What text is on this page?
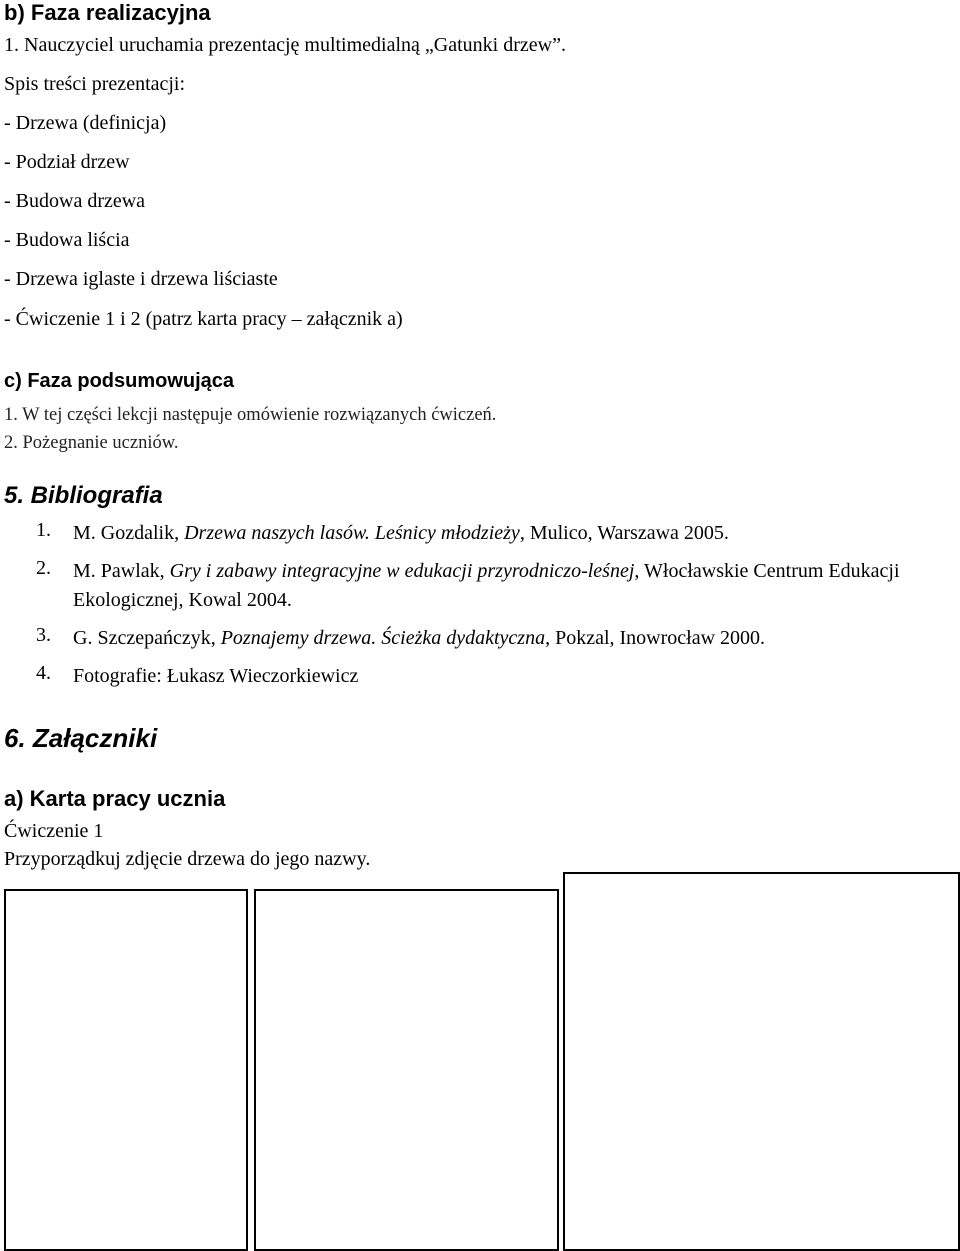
b) Faza realizacyjna
1. Nauczyciel uruchamia prezentację multimedialną „Gatunki drzew”.
Spis treści prezentacji:
- Drzewa (definicja)
- Podział drzew
- Budowa drzewa
- Budowa liścia
- Drzewa iglaste i drzewa liściaste
- Ćwiczenie 1 i 2 (patrz karta pracy – załącznik a)
c) Faza podsumowująca
1. W tej części lekcji następuje omówienie rozwiązanych ćwiczeń.
2. Pożegnanie uczniów.
5. Bibliografia
1.	M. Gozdalik, Drzewa naszych lasów. Leśnicy młodzieży, Mulico, Warszawa 2005.
2.	M. Pawlak, Gry i zabawy integracyjne w edukacji przyrodniczo-leśnej, Włocławskie Centrum Edukacji Ekologicznej, Kowal 2004.
3.	G. Szczepańczyk, Poznajemy drzewa. Ścieżka dydaktyczna, Pokzal, Inowrocław 2000.
4.	Fotografie: Łukasz Wieczorkiewicz
6. Załączniki
a) Karta pracy ucznia
Ćwiczenie 1
Przyporządkuj zdjęcie drzewa do jego nazwy.
